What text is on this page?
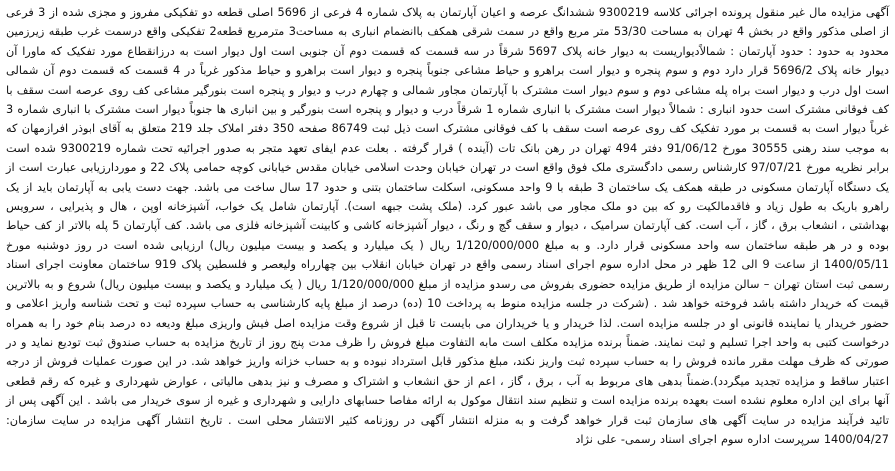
آگهی مزایده مال غیر منقول پرونده اجرائی کلاسه 9300219 ششدانگ عرصه و اعیان آپارتمان به پلاک شماره 4 فرعی از 5696 اصلی قطعه دو تفکیکی مفروز و مجزی شده از 3 فرعی از اصلی مذکور واقع در بخش 4 تهران به مساحت 53/30 متر مربع واقع در سمت شرقی همکف باانضمام انباری به مساحت3 مترمربع قطعه2 تفکیکی واقع درسمت غرب طبقه زیرزمین محدود به حدود : حدود آپارتمان : شمالاًدیواریست به دیوار خانه پلاک 5697 شرقاً در سه قسمت که قسمت دوم آن جنوبی است اول دیوار است به درزانقطاع مورد تفکیک که ماورا آن دیوار خانه پلاک 5696/2 قرار دارد دوم و سوم پنجره و دیوار است براهرو و حیاط مشاعی جنوباً پنجره و دیوار است براهرو و حیاط مذکور غرباً در 4 قسمت که قسمت دوم آن شمالی است اول درب و دیوار است براه پله مشاعی دوم و سوم دیوار است مشترک با آپارتمان مجاور شمالی و چهارم درب و دیوار و پنجره است بنورگیر مشاعی کف روی عرصه است سقف با کف فوقانی مشترک است حدود انباری : شمالاً دیوار است مشترک با انباری شماره 1 شرقاً درب و دیوار و پنجره است بنورگیر و بین انباری ها جنوباً دیوار است مشترک با انباری شماره 3 غرباً دیوار است به قسمت بر مورد تفکیک کف روی عرصه است سقف با کف فوقانی مشترک است ذیل ثبت 86749 صفحه 350 دفتر املاک جلد 219 متعلق به آقای ابوذر افرازمهان که به موجب سند رهنی 30555 مورخ 91/06/12 دفتر 494 تهران در رهن بانک تات (آینده ) قرار گرفته . بعلت عدم ایفای تعهد متجر به صدور اجرائیه تحت شماره 9300219 شده است برابر نظریه مورخ 97/07/21 کارشناس رسمی دادگستری ملک فوق واقع است در تهران خیابان وحدت اسلامی خیابان مقدس خیابانی کوچه حمامی پلاک 22 و موردارزیابی عبارت است از یک دستگاه آپارتمان مسکونی در طبقه همکف یک ساختمان 3 طبقه با 9 واحد مسکونی، اسکلت ساختمان بتنی و حدود 17 سال ساخت می باشد. جهت دست یابی به آپارتمان باید از یک راهرو باریک به طول زیاد و فاقدمالکیت رو که بین دو ملک مجاور می باشد عبور کرد. (ملک پشت جبهه است). آپارتمان شامل یک خواب، آشپزخانه اوپن ، هال و پذیرایی ، سرویس بهداشتی ، انشعاب برق ، گاز ، آب است. کف آپارتمان سرامیک ، دیوار و سقف گچ و رنگ ، دیوار آشپزخانه کاشی و کابینت آشپزخانه فلزی می باشد. کف آپارتمان 5 پله بالاتر از کف حیاط بوده و در هر طبقه ساختمان سه واحد مسکونی قرار دارد. و به مبلغ 1/120/000/000 ریال ( یک میلیارد و یکصد و بیست میلیون ریال) ارزیابی شده است در روز دوشنبه مورخ 1400/05/11 از ساعت 9 الی 12 ظهر در محل اداره سوم اجرای اسناد رسمی واقع در تهران خیابان انقلاب بین چهارراه ولیعصر و فلسطین پلاک 919 ساختمان معاونت اجرای اسناد رسمی ثبت استان تهران – سالن مزایده از طریق مزایده حضوری بفروش می رسدو مزایده از مبلغ 1/120/000/000 ریال ( یک میلیارد و یکصد و بیست میلیون ریال) شروع و به بالاترین قیمت که خریدار داشته باشد فروخته خواهد شد . (شرکت در جلسه مزایده منوط به پرداخت 10 (ده) درصد از مبلغ پایه کارشناسی به حساب سپرده ثبت و تحت شناسه واریز اعلامی و حضور خریدار یا نماینده قانونی او در جلسه مزایده است. لذا خریدار و یا خریداران می بایست تا قبل از شروع وقت مزایده اصل فیش واریزی مبلغ ودیعه ده درصد بنام خود را به همراه درخواست کتبی به واحد اجرا تسلیم و ثبت نمایند. ضمناً برنده مزایده مکلف است مابه التفاوت مبلغ فروش را ظرف مدت پنج روز از تاریخ مزایده به حساب صندوق ثبت تودیع نماید و در صورتی که ظرف مهلت مقرر مانده فروش را به حساب سپرده ثبت واریز نکند، مبلغ مذکور قابل استرداد نبوده و به حساب خزانه واریز خواهد شد. در این صورت عملیات فروش از درجه اعتبار ساقط و مزایده تجدید میگردد).ضمناً بدهی های مربوط به آب ، برق ، گاز ، اعم از حق انشعاب و اشتراک و مصرف و نیز بدهی مالیاتی ، عوارض شهرداری و غیره که رقم قطعی آنها برای این اداره معلوم نشده است بعهده برنده مزایده است و تنظیم سند انتقال موکول به ارائه مفاصا حسابهای دارایی و شهرداری و غیره از سوی خریدار می باشد . این آگهی پس از تائید فرآیند مزایده در سایت آگهی های سازمان ثبت قرار خواهد گرفت و به منزله انتشار آگهی در روزنامه کثیر الانتشار محلی است . تاریخ انتشار آگهی مزایده در سایت سازمان: 1400/04/27 سرپرست اداره سوم اجرای اسناد رسمی- علی نژاد
